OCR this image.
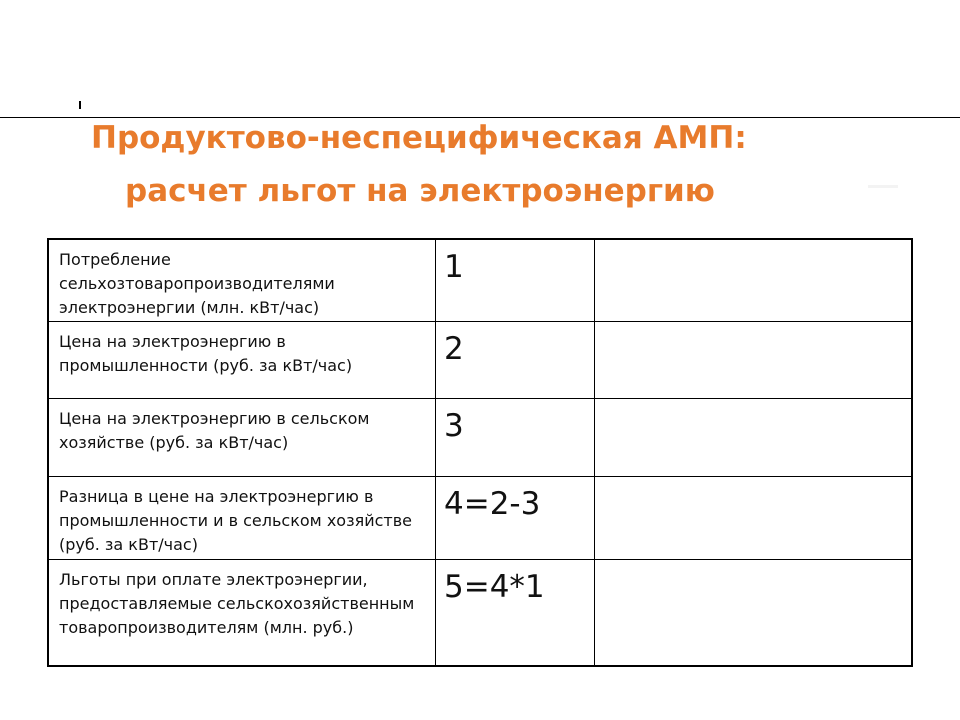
Продуктово-неспецифическая АМП:
расчет льгот на электроэнергию
Потребление сельхозтоваропроизводителями электроэнергии (млн. кВт/час)	1	
Цена на электроэнергию в промышленности (руб. за кВт/час)	2	
Цена на электроэнергию в сельском хозяйстве (руб. за кВт/час)	3	
Разница в цене на электроэнергию в промышленности и в сельском хозяйстве (руб. за кВт/час)	4=2-3	
Льготы при оплате электроэнергии, предоставляемые сельскохозяйственным товаропроизводителям (млн. руб.)	5=4*1	
